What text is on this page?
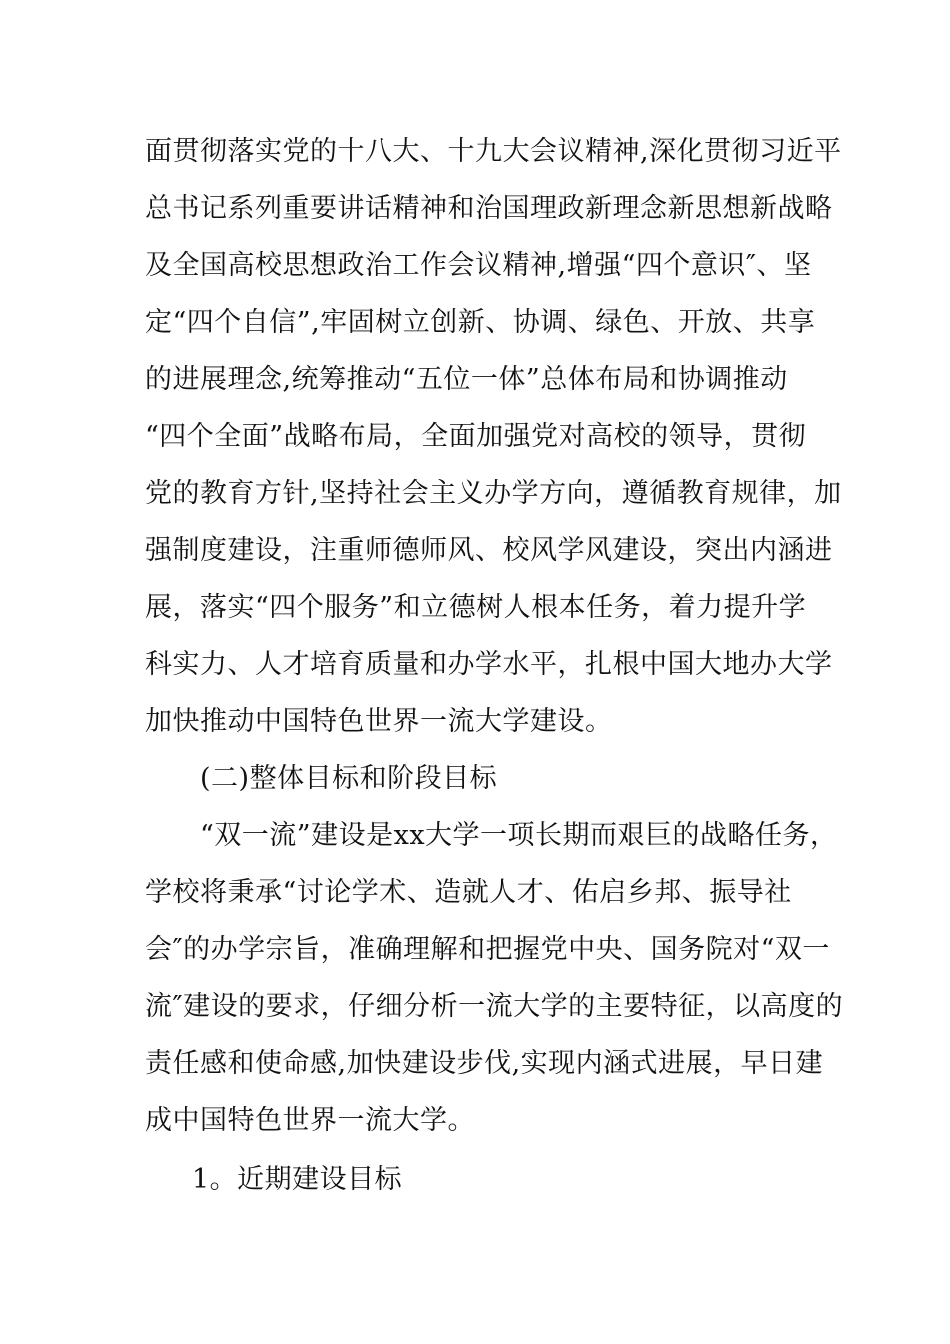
面贯彻落实党的十八大、十九大会议精神,深化贯彻习近平
总书记系列重要讲话精神和治国理政新理念新思想新战略
及全国高校思想政治工作会议精神,增强“四个意识″、坚
定“四个自信”,牢固树立创新、协调、绿色、开放、共享
的进展理念,统筹推动“五位一体”总体布局和协调推动
“四个全面”战略布局，全面加强党对高校的领导，贯彻
党的教育方针,坚持社会主义办学方向，遵循教育规律，加
强制度建设，注重师德师风、校风学风建设，突出内涵进
展，落实“四个服务”和立德树人根本任务，着力提升学
科实力、人才培育质量和办学水平，扎根中国大地办大学
加快推动中国特色世界一流大学建设。
(二)整体目标和阶段目标
“双一流”建设是xx大学一项长期而艰巨的战略任务，
学校将秉承“讨论学术、造就人才、佑启乡邦、振导社
会″的办学宗旨，准确理解和把握党中央、国务院对“双一
流″建设的要求，仔细分析一流大学的主要特征，以高度的
责任感和使命感,加快建设步伐,实现内涵式进展，早日建
成中国特色世界一流大学。
1。近期建设目标
